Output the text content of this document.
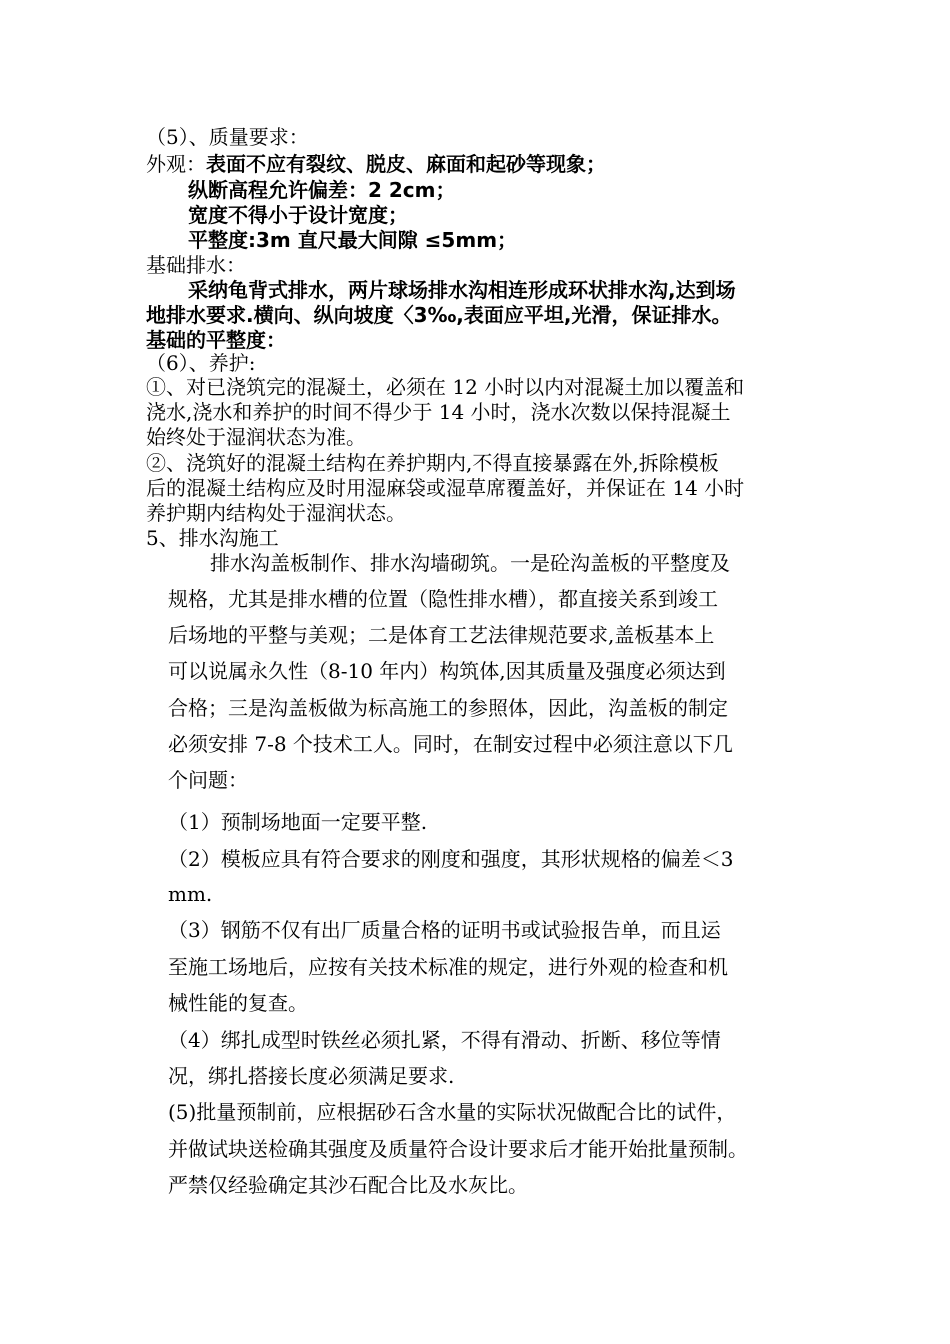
（5）、质量要求：
外观：表面不应有裂纹、脱皮、麻面和起砂等现象；
纵断高程允许偏差：2 2cm；
宽度不得小于设计宽度；
平整度:3m 直尺最大间隙 ≤5mm；
基础排水：
采纳龟背式排水，两片球场排水沟相连形成环状排水沟,达到场
地排水要求.横向、纵向坡度〈3‰,表面应平坦,光滑，保证排水。
基础的平整度：
（6）、养护:
①、对已浇筑完的混凝土，必须在 12 小时以内对混凝土加以覆盖和
浇水,浇水和养护的时间不得少于 14 小时，浇水次数以保持混凝土
始终处于湿润状态为准。
②、浇筑好的混凝土结构在养护期内,不得直接暴露在外,拆除模板
后的混凝土结构应及时用湿麻袋或湿草席覆盖好，并保证在 14 小时
养护期内结构处于湿润状态。
5、排水沟施工
排水沟盖板制作、排水沟墙砌筑。一是砼沟盖板的平整度及
规格，尤其是排水槽的位置（隐性排水槽），都直接关系到竣工
后场地的平整与美观；二是体育工艺法律规范要求,盖板基本上
可以说属永久性（8-10 年内）构筑体,因其质量及强度必须达到
合格；三是沟盖板做为标高施工的参照体，因此，沟盖板的制定
必须安排 7-8 个技术工人。同时，在制安过程中必须注意以下几
个问题：
（1）预制场地面一定要平整.
（2）模板应具有符合要求的刚度和强度，其形状规格的偏差＜3
mm.
（3）钢筋不仅有出厂质量合格的证明书或试验报告单，而且运
至施工场地后，应按有关技术标准的规定，进行外观的检查和机
械性能的复查。
（4）绑扎成型时铁丝必须扎紧，不得有滑动、折断、移位等情
况，绑扎搭接长度必须满足要求.
(5)批量预制前，应根据砂石含水量的实际状况做配合比的试件，
并做试块送检确其强度及质量符合设计要求后才能开始批量预制。
严禁仅经验确定其沙石配合比及水灰比。
